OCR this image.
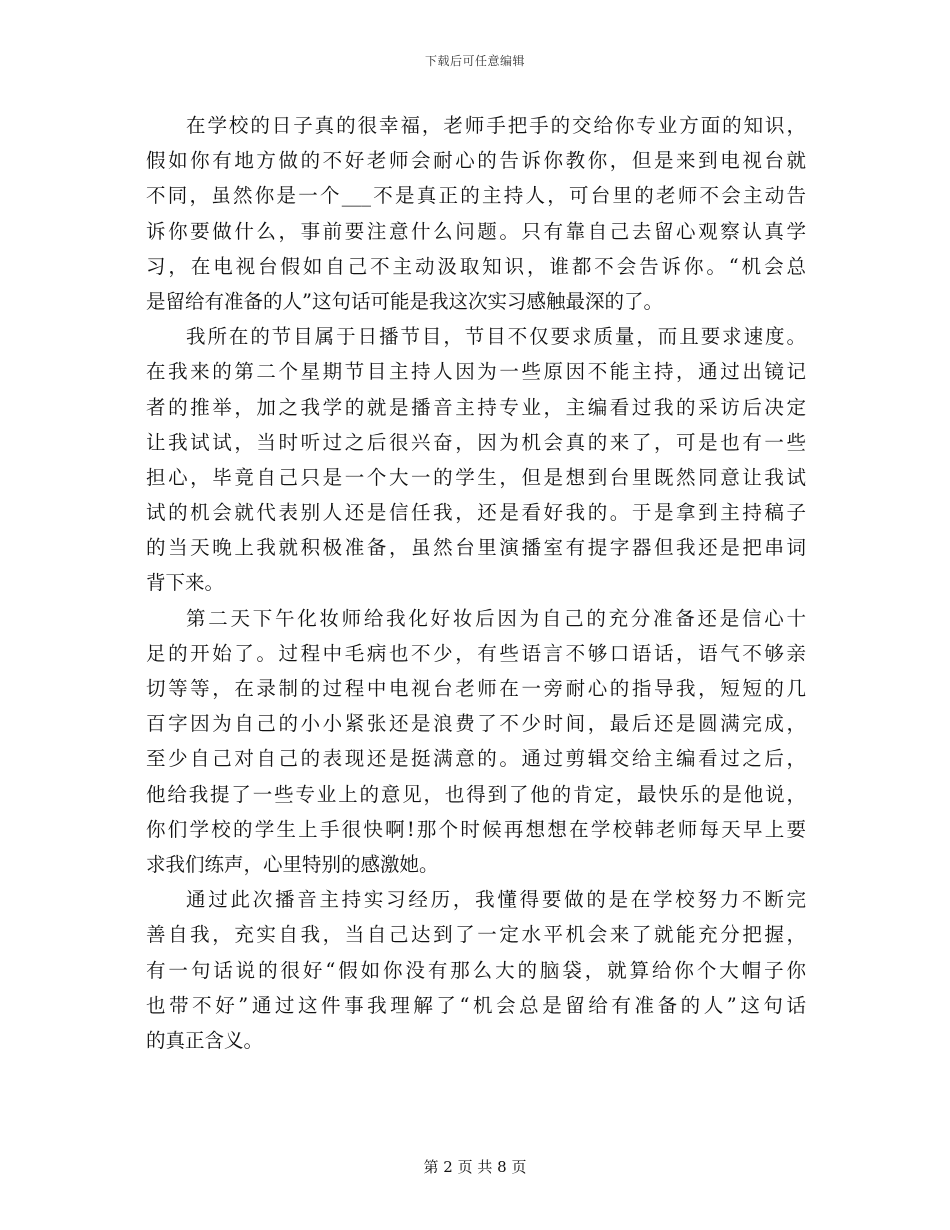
下载后可任意编辑
在学校的日子真的很幸福，老师手把手的交给你专业方面的知识，
假如你有地方做的不好老师会耐心的告诉你教你，但是来到电视台就
不同，虽然你是一个___不是真正的主持人，可台里的老师不会主动告
诉你要做什么，事前要注意什么问题。只有靠自己去留心观察认真学
习，在电视台假如自己不主动汲取知识，谁都不会告诉你。“机会总
是留给有准备的人”这句话可能是我这次实习感触最深的了。
我所在的节目属于日播节目，节目不仅要求质量，而且要求速度。
在我来的第二个星期节目主持人因为一些原因不能主持，通过出镜记
者的推举，加之我学的就是播音主持专业，主编看过我的采访后决定
让我试试，当时听过之后很兴奋，因为机会真的来了，可是也有一些
担心，毕竟自己只是一个大一的学生，但是想到台里既然同意让我试
试的机会就代表别人还是信任我，还是看好我的。于是拿到主持稿子
的当天晚上我就积极准备，虽然台里演播室有提字器但我还是把串词
背下来。
第二天下午化妆师给我化好妆后因为自己的充分准备还是信心十
足的开始了。过程中毛病也不少，有些语言不够口语话，语气不够亲
切等等，在录制的过程中电视台老师在一旁耐心的指导我，短短的几
百字因为自己的小小紧张还是浪费了不少时间，最后还是圆满完成，
至少自己对自己的表现还是挺满意的。通过剪辑交给主编看过之后，
他给我提了一些专业上的意见，也得到了他的肯定，最快乐的是他说，
你们学校的学生上手很快啊!那个时候再想想在学校韩老师每天早上要
求我们练声，心里特别的感激她。
通过此次播音主持实习经历，我懂得要做的是在学校努力不断完
善自我，充实自我，当自己达到了一定水平机会来了就能充分把握，
有一句话说的很好“假如你没有那么大的脑袋，就算给你个大帽子你
也带不好”通过这件事我理解了“机会总是留给有准备的人”这句话
的真正含义。
第 2 页 共 8 页
